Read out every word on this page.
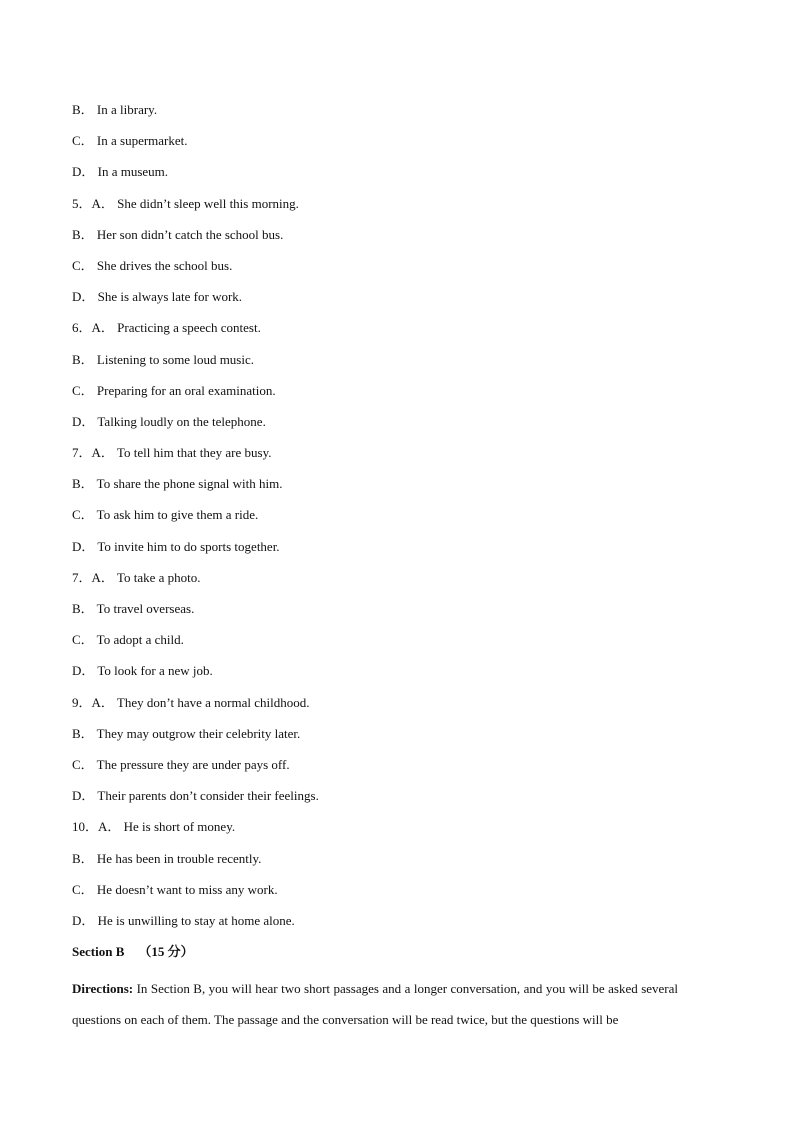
B． In a library.
C． In a supermarket.
D． In a museum.
5．A． She didn’t sleep well this morning.
B． Her son didn’t catch the school bus.
C． She drives the school bus.
D． She is always late for work.
6．A． Practicing a speech contest.
B． Listening to some loud music.
C． Preparing for an oral examination.
D． Talking loudly on the telephone.
7．A． To tell him that they are busy.
B． To share the phone signal with him.
C． To ask him to give them a ride.
D． To invite him to do sports together.
7．A． To take a photo.
B． To travel overseas.
C． To adopt a child.
D． To look for a new job.
9．A． They don’t have a normal childhood.
B． They may outgrow their celebrity later.
C． The pressure they are under pays off.
D． Their parents don’t consider their feelings.
10．A． He is short of money.
B． He has been in trouble recently.
C． He doesn’t want to miss any work.
D． He is unwilling to stay at home alone.
Section B （15 分）
Directions: In Section B, you will hear two short passages and a longer conversation, and you will be asked several questions on each of them. The passage and the conversation will be read twice, but the questions will be
